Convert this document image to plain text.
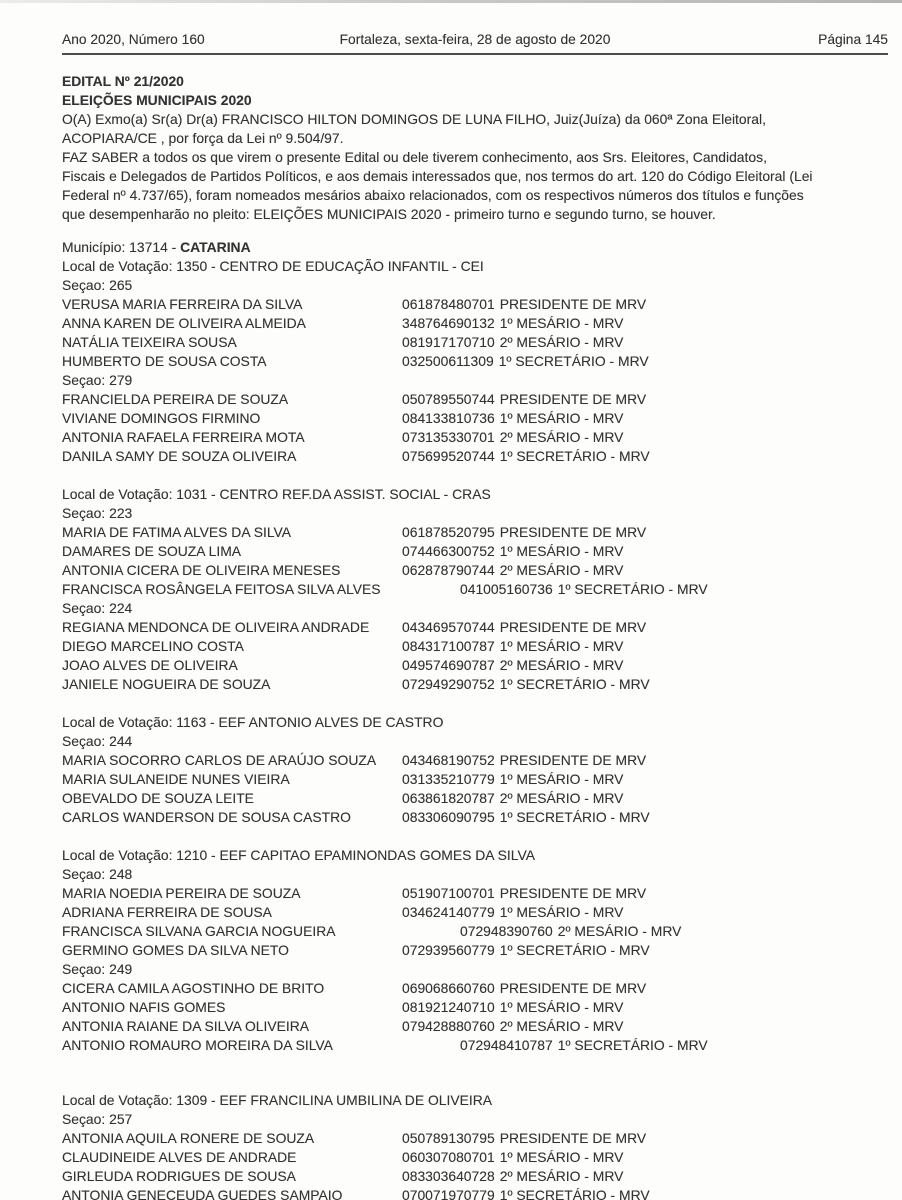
Ano 2020, Número 160	Fortaleza, sexta-feira, 28 de agosto de 2020	Página 145
EDITAL Nº 21/2020
ELEIÇÕES MUNICIPAIS 2020
O(A) Exmo(a) Sr(a) Dr(a) FRANCISCO HILTON DOMINGOS DE LUNA FILHO, Juiz(Juíza) da 060ª Zona Eleitoral,
ACOPIARA/CE , por força da Lei nº 9.504/97.
FAZ SABER a todos os que virem o presente Edital ou dele tiverem conhecimento, aos Srs. Eleitores, Candidatos,
Fiscais e Delegados de Partidos Políticos, e aos demais interessados que, nos termos do art. 120 do Código Eleitoral (Lei
Federal nº 4.737/65), foram nomeados mesários abaixo relacionados, com os respectivos números dos títulos e funções
que desempenharão no pleito: ELEIÇÕES MUNICIPAIS 2020 - primeiro turno e segundo turno, se houver.
Município: 13714 - CATARINA
Local de Votação: 1350 - CENTRO DE EDUCAÇÃO INFANTIL - CEI
Seçao: 265
VERUSA MARIA FERREIRA DA SILVA	061878480701 PRESIDENTE DE MRV
ANNA KAREN DE OLIVEIRA ALMEIDA	348764690132 1º MESÁRIO - MRV
NATÁLIA TEIXEIRA SOUSA	081917170710 2º MESÁRIO - MRV
HUMBERTO DE SOUSA COSTA	032500611309 1º SECRETÁRIO - MRV
Seçao: 279
FRANCIELDA PEREIRA DE SOUZA	050789550744 PRESIDENTE DE MRV
VIVIANE DOMINGOS FIRMINO	084133810736 1º MESÁRIO - MRV
ANTONIA RAFAELA FERREIRA MOTA	073135330701 2º MESÁRIO - MRV
DANILA SAMY DE SOUZA OLIVEIRA	075699520744 1º SECRETÁRIO - MRV
Local de Votação: 1031 - CENTRO REF.DA ASSIST. SOCIAL - CRAS
Seçao: 223
MARIA DE FATIMA ALVES DA SILVA	061878520795 PRESIDENTE DE MRV
DAMARES DE SOUZA LIMA	074466300752 1º MESÁRIO - MRV
ANTONIA CICERA DE OLIVEIRA MENESES	062878790744 2º MESÁRIO - MRV
FRANCISCA ROSÂNGELA FEITOSA SILVA ALVES	041005160736 1º SECRETÁRIO - MRV
Seçao: 224
REGIANA MENDONCA DE OLIVEIRA ANDRADE	043469570744 PRESIDENTE DE MRV
DIEGO MARCELINO COSTA	084317100787 1º MESÁRIO - MRV
JOAO ALVES DE OLIVEIRA	049574690787 2º MESÁRIO - MRV
JANIELE NOGUEIRA DE SOUZA	072949290752 1º SECRETÁRIO - MRV
Local de Votação: 1163 - EEF ANTONIO ALVES DE CASTRO
Seçao: 244
MARIA SOCORRO CARLOS DE ARAÚJO SOUZA	043468190752 PRESIDENTE DE MRV
MARIA SULANEIDE NUNES VIEIRA	031335210779 1º MESÁRIO - MRV
OBEVALDO DE SOUZA LEITE	063861820787 2º MESÁRIO - MRV
CARLOS WANDERSON DE SOUSA CASTRO	083306090795 1º SECRETÁRIO - MRV
Local de Votação: 1210 - EEF CAPITAO EPAMINONDAS GOMES DA SILVA
Seçao: 248
MARIA NOEDIA PEREIRA DE SOUZA	051907100701 PRESIDENTE DE MRV
ADRIANA FERREIRA DE SOUSA	034624140779 1º MESÁRIO - MRV
FRANCISCA SILVANA GARCIA NOGUEIRA	072948390760 2º MESÁRIO - MRV
GERMINO GOMES DA SILVA NETO	072939560779 1º SECRETÁRIO - MRV
Seçao: 249
CICERA CAMILA AGOSTINHO DE BRITO	069068660760 PRESIDENTE DE MRV
ANTONIO NAFIS GOMES	081921240710 1º MESÁRIO - MRV
ANTONIA RAIANE DA SILVA OLIVEIRA	079428880760 2º MESÁRIO - MRV
ANTONIO ROMAURO MOREIRA DA SILVA	072948410787 1º SECRETÁRIO - MRV
Local de Votação: 1309 - EEF FRANCILINA UMBILINA DE OLIVEIRA
Seçao: 257
ANTONIA AQUILA RONERE DE SOUZA	050789130795 PRESIDENTE DE MRV
CLAUDINEIDE ALVES DE ANDRADE	060307080701 1º MESÁRIO - MRV
GIRLEUDA RODRIGUES DE SOUSA	083303640728 2º MESÁRIO - MRV
ANTONIA GENECEUDA GUEDES SAMPAIO	070071970779 1º SECRETÁRIO - MRV
